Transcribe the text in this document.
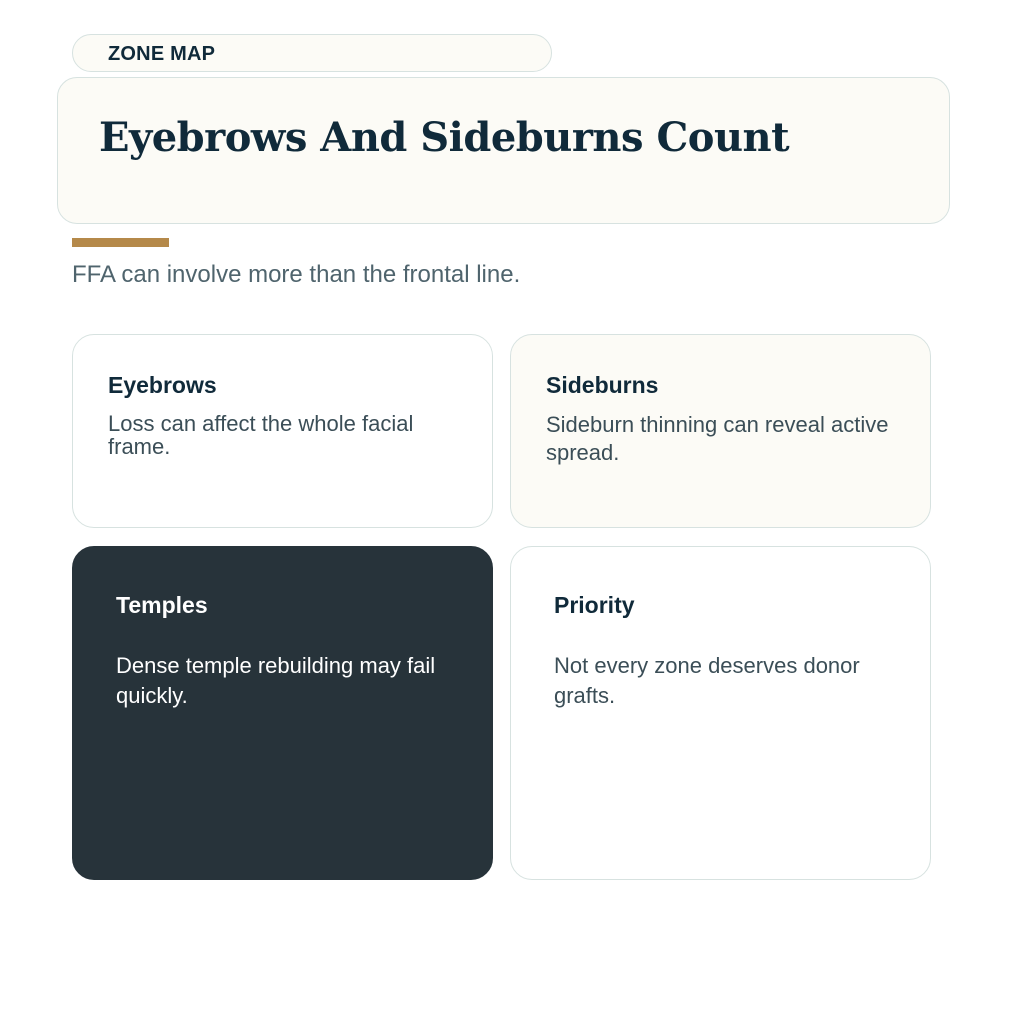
ZONE MAP
Eyebrows And Sideburns Count
FFA can involve more than the frontal line.
Eyebrows
Loss can affect the whole facial frame.
Sideburns
Sideburn thinning can reveal active spread.
Temples
Dense temple rebuilding may fail quickly.
Priority
Not every zone deserves donor grafts.
